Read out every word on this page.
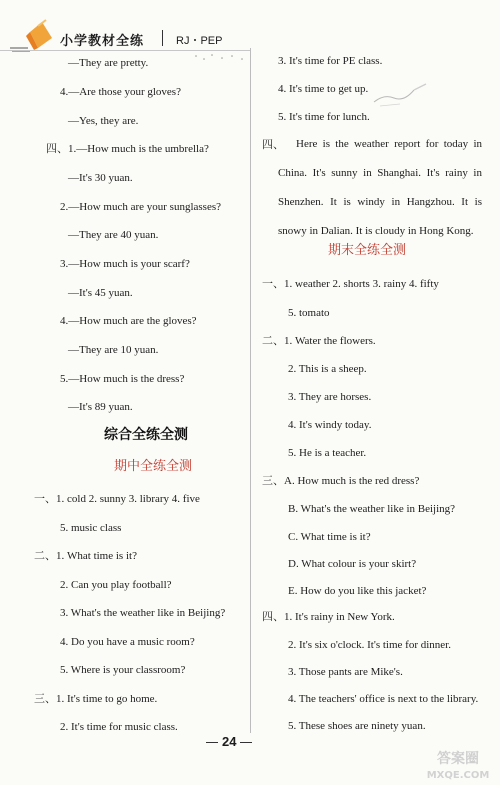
小学教材全练	RJ・PEP
—They are pretty.
4.—Are those your gloves?
—Yes, they are.
四、1.—How much is the umbrella?
—It's 30 yuan.
2.—How much are your sunglasses?
—They are 40 yuan.
3.—How much is your scarf?
—It's 45 yuan.
4.—How much are the gloves?
—They are 10 yuan.
5.—How much is the dress?
—It's 89 yuan.
综合全练全测
期中全练全测
一、1. cold 2. sunny 3. library 4. five
5. music class
二、1. What time is it?
2. Can you play football?
3. What's the weather like in Beijing?
4. Do you have a music room?
5. Where is your classroom?
三、1. It's time to go home.
2. It's time for music class.
3. It's time for PE class.
4. It's time to get up.
5. It's time for lunch.
四、	Here is the weather report for today in China. It's sunny in Shanghai. It's rainy in Shenzhen. It is windy in Hangzhou. It is snowy in Dalian. It is cloudy in Hong Kong.
期末全练全测
一、1. weather 2. shorts 3. rainy 4. fifty
5. tomato
二、1. Water the flowers.
2. This is a sheep.
3. They are horses.
4. It's windy today.
5. He is a teacher.
三、A. How much is the red dress?
B. What's the weather like in Beijing?
C. What time is it?
D. What colour is your skirt?
E. How do you like this jacket?
四、1. It's rainy in New York.
2. It's six o'clock. It's time for dinner.
3. Those pants are Mike's.
4. The teachers' office is next to the library.
5. These shoes are ninety yuan.
24
答案圈
MXQE.COM
